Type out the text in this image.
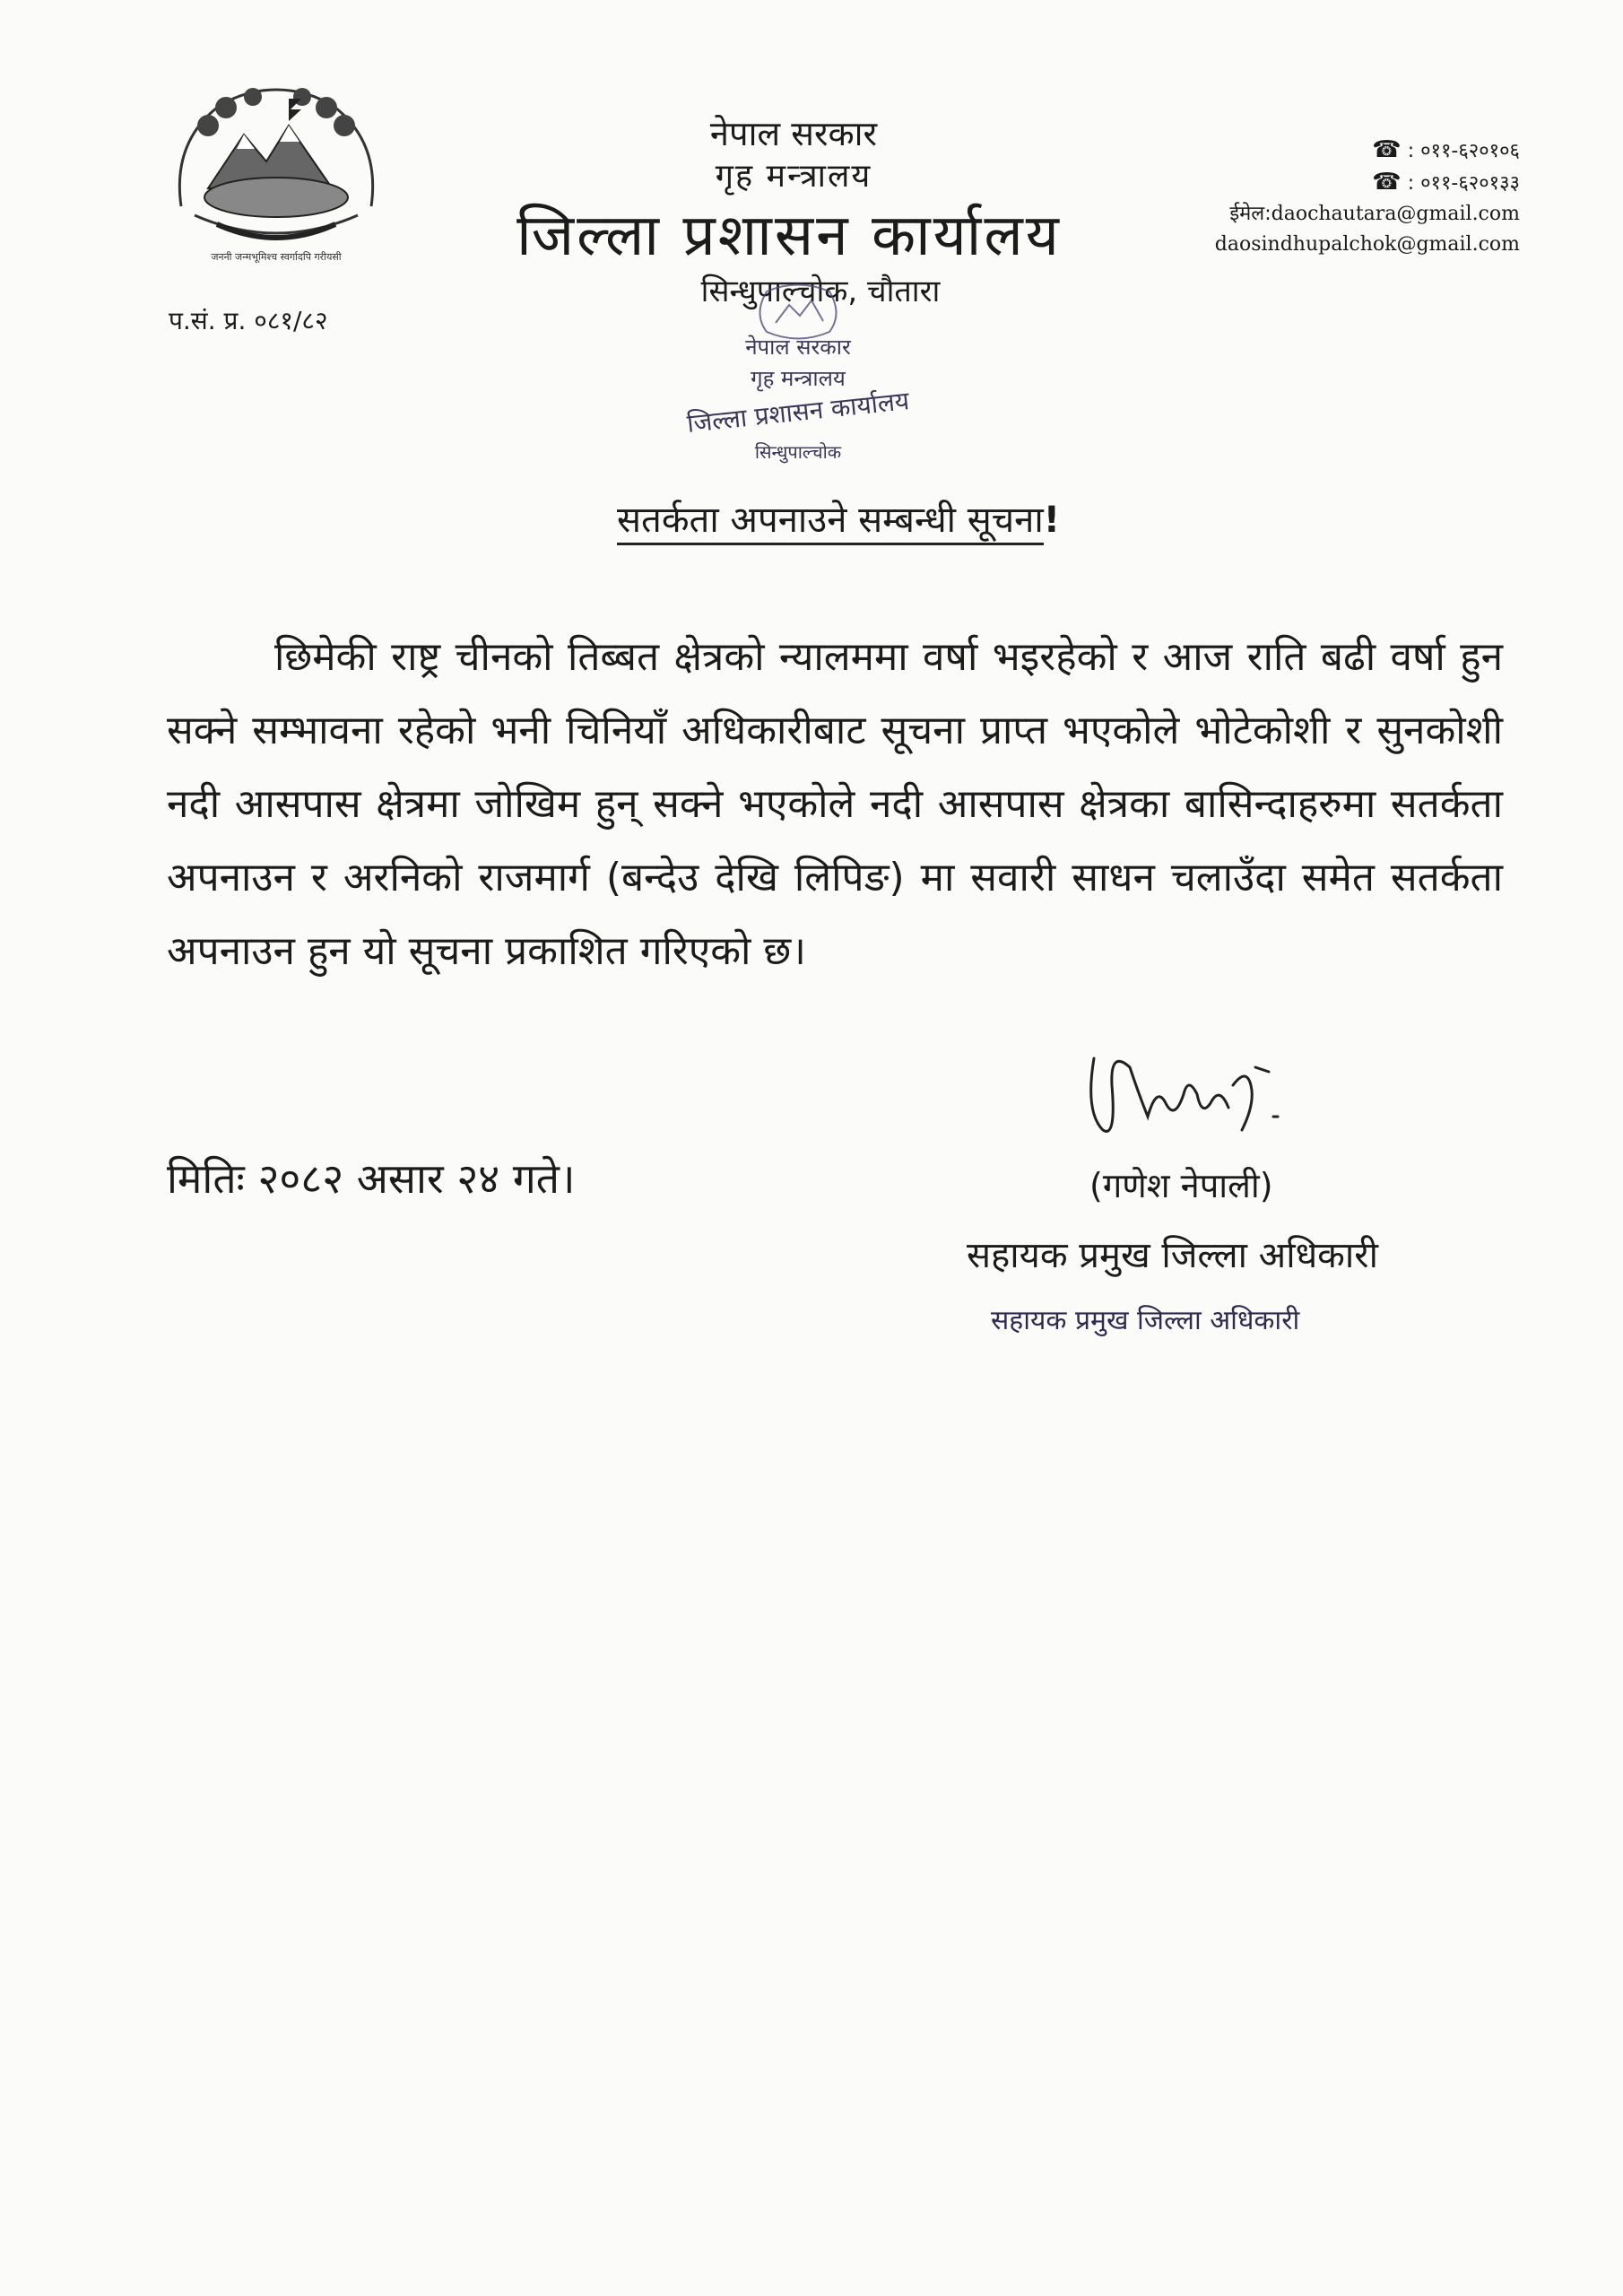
जननी जन्मभूमिश्च स्वर्गादपि गरीयसी
नेपाल सरकार
गृह मन्त्रालय
जिल्ला प्रशासन कार्यालय
सिन्धुपाल्चोक, चौतारा
☎ : ०११-६२०१०६
☎ : ०११-६२०१३३
ईमेल:daochautara@gmail.com
daosindhupalchok@gmail.com
प.सं. प्र. ०८१/८२
नेपाल सरकार
गृह मन्त्रालय
जिल्ला प्रशासन कार्यालय
सिन्धुपाल्चोक
सतर्कता अपनाउने सम्बन्धी सूचना!
छिमेकी राष्ट्र चीनको तिब्बत क्षेत्रको न्यालममा वर्षा भइरहेको र आज राति बढी वर्षा हुन सक्ने सम्भावना रहेको भनी चिनियाँ अधिकारीबाट सूचना प्राप्त भएकोले भोटेकोशी र सुनकोशी नदी आसपास क्षेत्रमा जोखिम हुन् सक्ने भएकोले नदी आसपास क्षेत्रका बासिन्दाहरुमा सतर्कता अपनाउन र अरनिको राजमार्ग (बन्देउ देखि लिपिङ) मा सवारी साधन चलाउँदा समेत सतर्कता अपनाउन हुन यो सूचना प्रकाशित गरिएको छ।
मितिः २०८२ असार २४ गते।	(गणेश नेपाली)
सहायक प्रमुख जिल्ला अधिकारी
सहायक प्रमुख जिल्ला अधिकारी
